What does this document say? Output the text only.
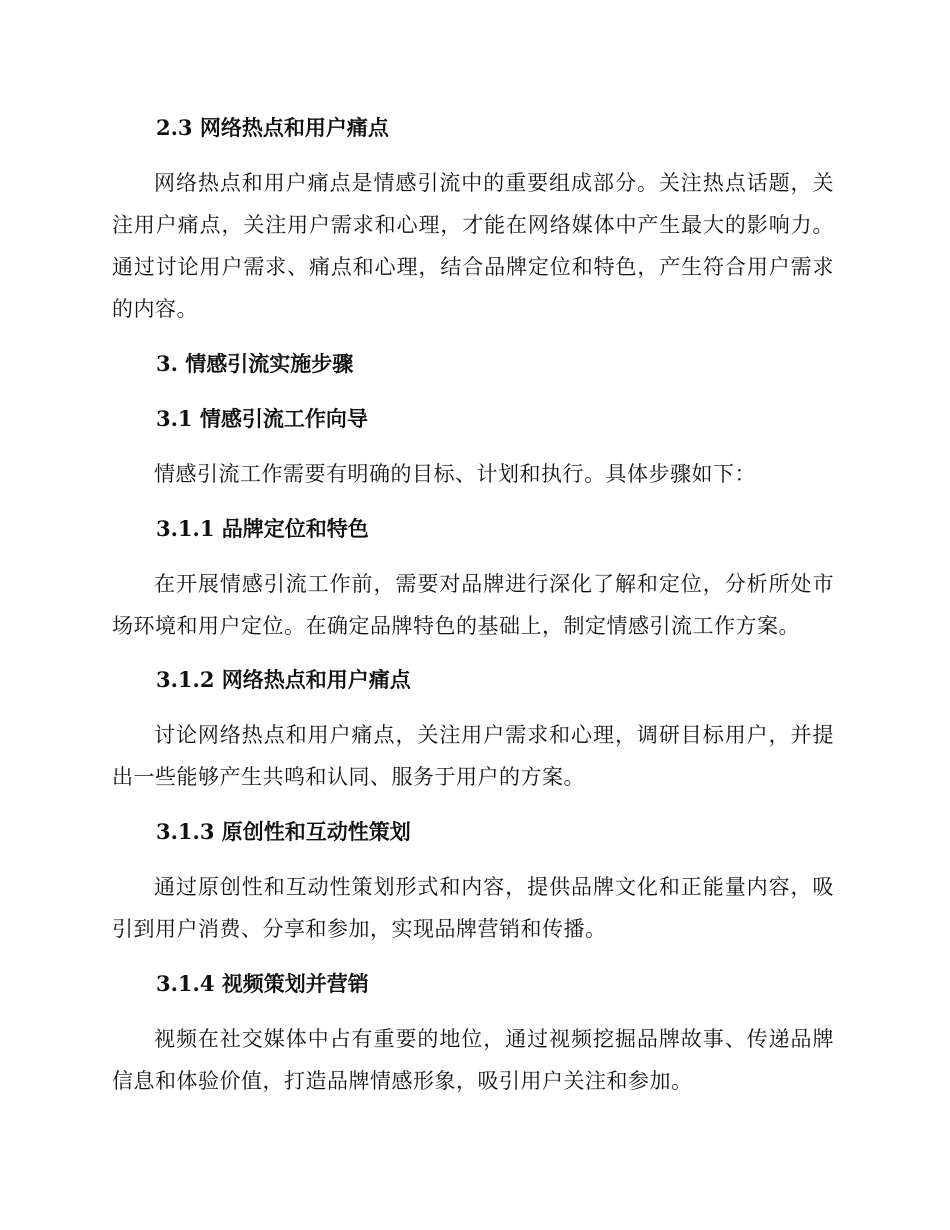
2.3 网络热点和用户痛点

网络热点和用户痛点是情感引流中的重要组成部分。关注热点话题，关注用户痛点，关注用户需求和心理，才能在网络媒体中产生最大的影响力。通过讨论用户需求、痛点和心理，结合品牌定位和特色，产生符合用户需求的内容。

3. 情感引流实施步骤
3.1 情感引流工作向导

情感引流工作需要有明确的目标、计划和执行。具体步骤如下：

3.1.1 品牌定位和特色

在开展情感引流工作前，需要对品牌进行深化了解和定位，分析所处市场环境和用户定位。在确定品牌特色的基础上，制定情感引流工作方案。

3.1.2 网络热点和用户痛点

讨论网络热点和用户痛点，关注用户需求和心理，调研目标用户，并提出一些能够产生共鸣和认同、服务于用户的方案。

3.1.3 原创性和互动性策划

通过原创性和互动性策划形式和内容，提供品牌文化和正能量内容，吸引到用户消费、分享和参加，实现品牌营销和传播。

3.1.4 视频策划并营销

视频在社交媒体中占有重要的地位，通过视频挖掘品牌故事、传递品牌信息和体验价值，打造品牌情感形象，吸引用户关注和参加。
